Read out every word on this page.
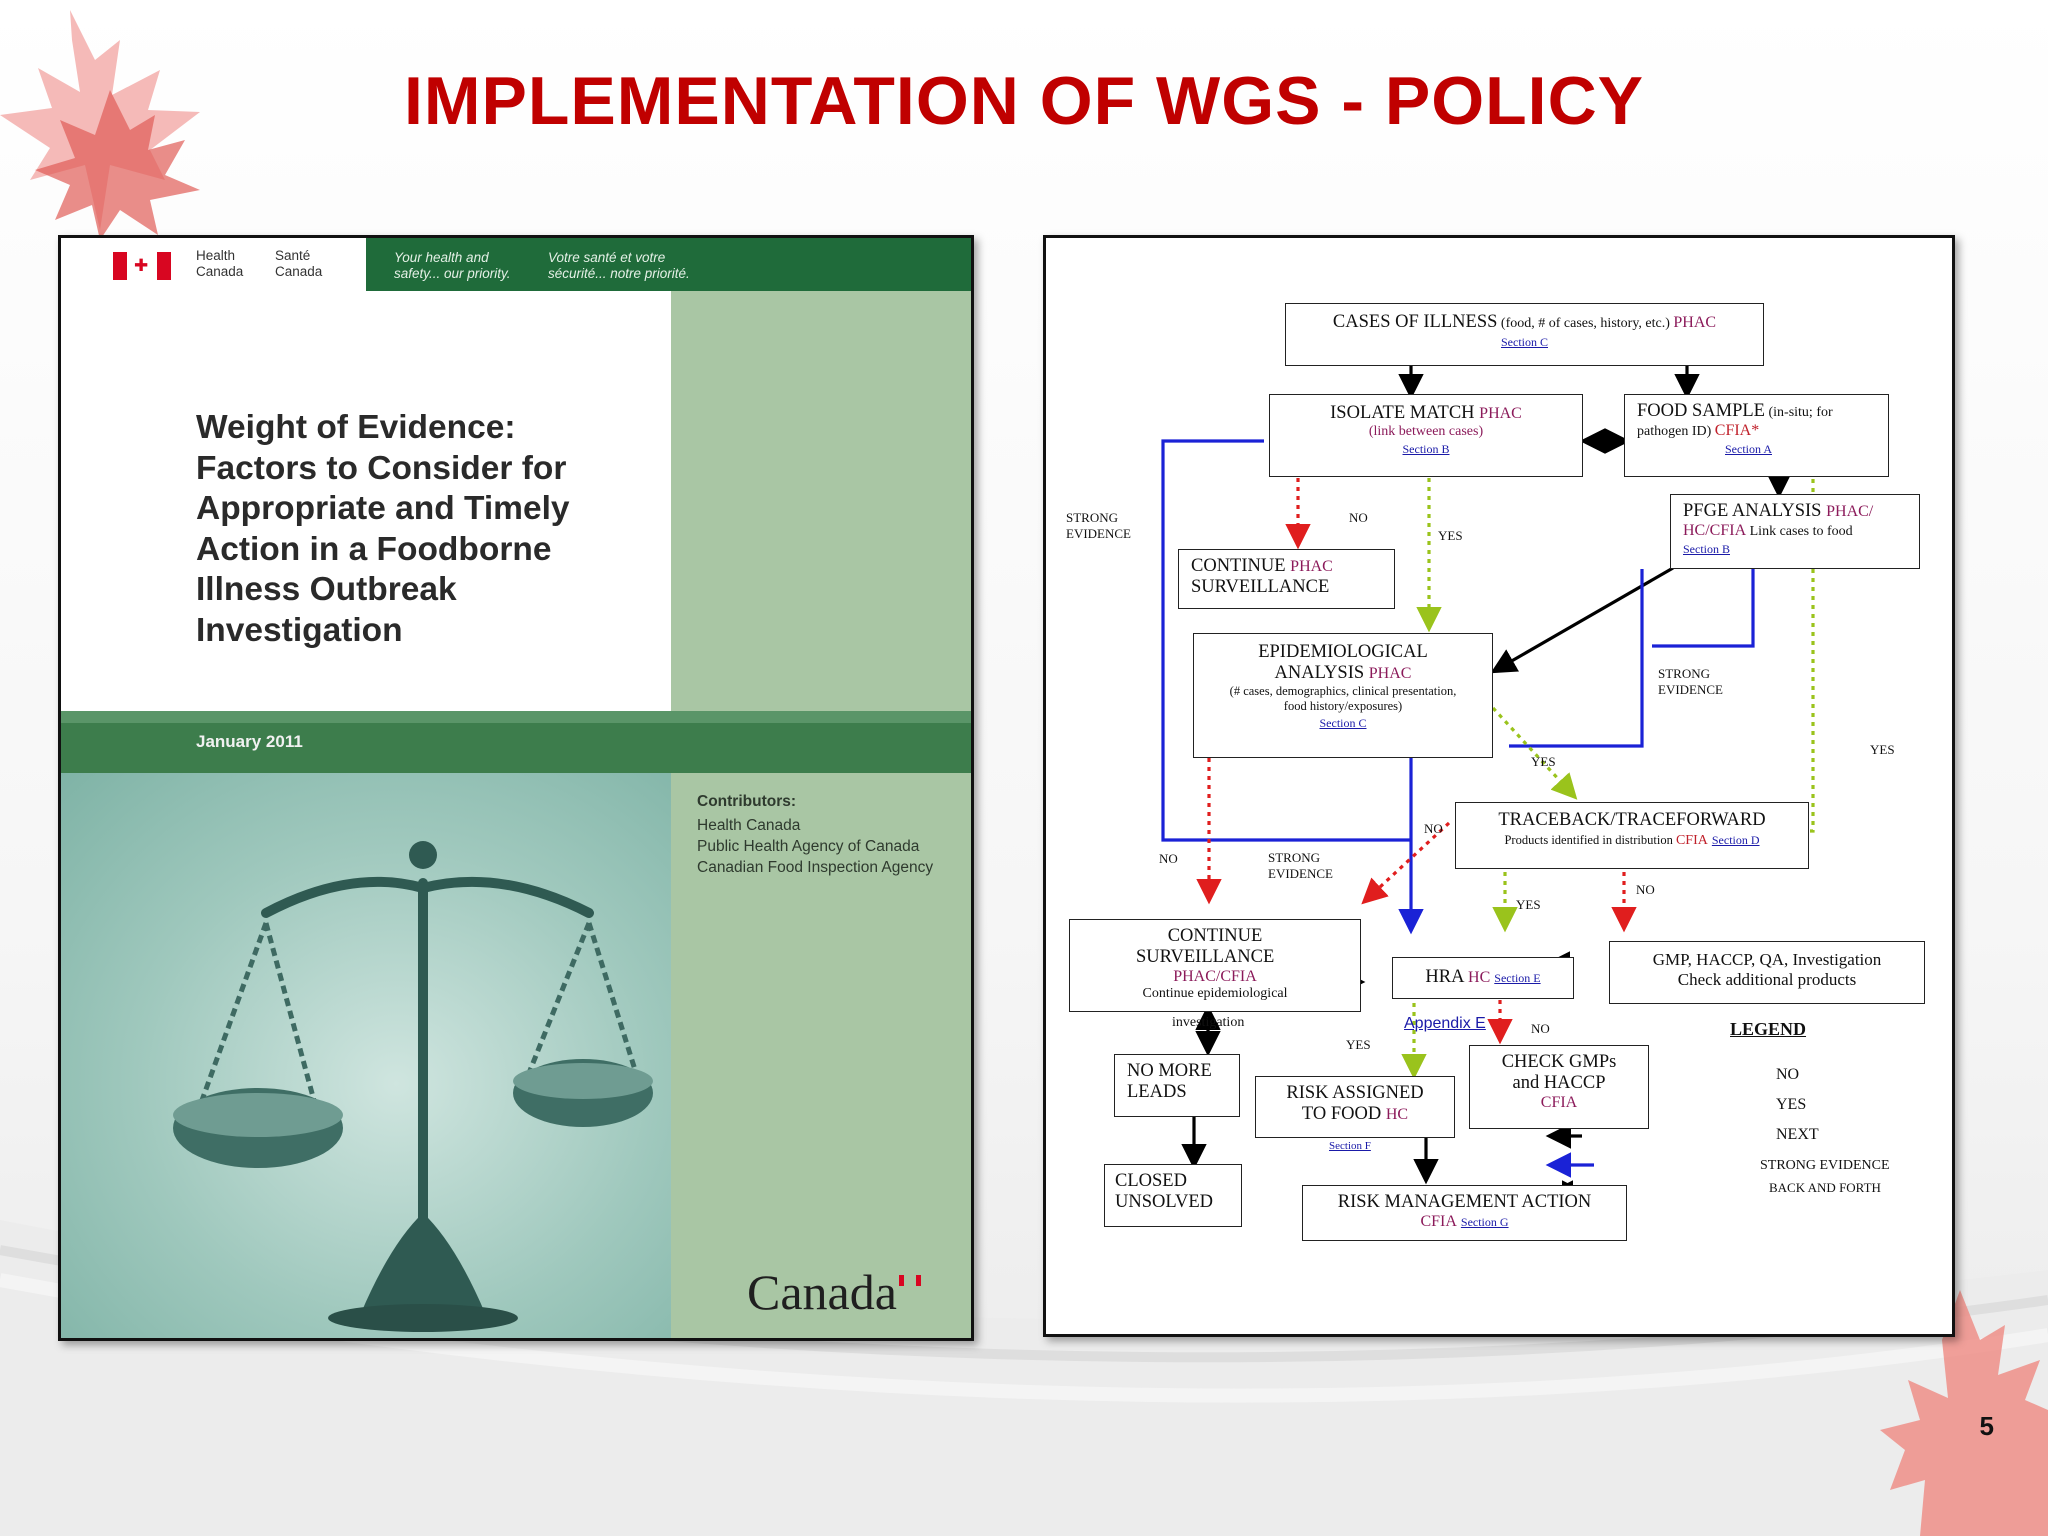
IMPLEMENTATION OF WGS - POLICY
✚
Health
Canada
Santé
Canada
Your health and
safety... our priority.
Votre santé et votre
sécurité... notre priorité.
Weight of Evidence:
Factors to Consider for
Appropriate and Timely
Action in a Foodborne
Illness Outbreak
Investigation
January 2011
Contributors:
Health Canada
Public Health Agency of Canada
Canadian Food Inspection Agency
Canada
CASES OF ILLNESS (food, # of cases, history, etc.) PHAC
Section C
ISOLATE MATCH PHAC
(link between cases)
Section B
FOOD SAMPLE (in-situ; for
pathogen ID) CFIA*
Section A
PFGE ANALYSIS PHAC/
HC/CFIA Link cases to food
Section B
CONTINUE PHAC
SURVEILLANCE
EPIDEMIOLOGICAL
ANALYSIS PHAC
(# cases, demographics, clinical presentation,
food history/exposures)
Section C
TRACEBACK/TRACEFORWARD
Products identified in distribution CFIA Section D
CONTINUE
SURVEILLANCE
PHAC/CFIA
Continue epidemiological
investigation
HRA HC Section E
Appendix E
GMP, HACCP, QA, Investigation
Check additional products
NO MORE
LEADS	RISK ASSIGNED
TO FOOD HC
Section F
CHECK GMPs
and HACCP
CFIA
CLOSED
UNSOLVED	RISK MANAGEMENT ACTION
CFIA Section G
STRONG
EVIDENCE
STRONG
EVIDENCE
STRONG
EVIDENCE
NO
NO
NO
NO
NO
YES
YES
YES
YES
YES
LEGEND
NO
YES
NEXT
STRONG EVIDENCE
BACK AND FORTH
5
